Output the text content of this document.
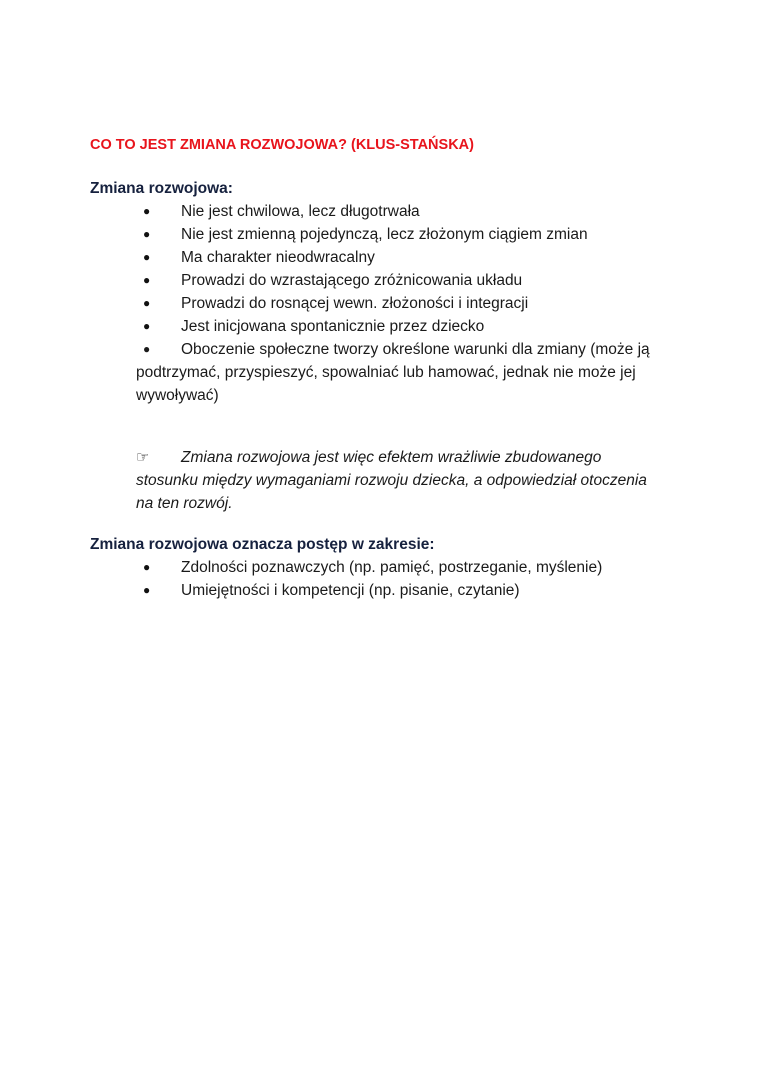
CO TO JEST ZMIANA ROZWOJOWA? (KLUS-STAŃSKA)
Zmiana rozwojowa:
● Nie jest chwilowa, lecz długotrwała
● Nie jest zmienną pojedynczą, lecz złożonym ciągiem zmian
● Ma charakter nieodwracalny
● Prowadzi do wzrastającego zróżnicowania układu
● Prowadzi do rosnącej wewn. złożoności i integracji
● Jest inicjowana spontanicznie przez dziecko
● Oboczenie społeczne tworzy określone warunki dla zmiany (może ją podtrzymać, przyspieszyć, spowalniać lub hamować, jednak nie może jej wywoływać)
☞ Zmiana rozwojowa jest więc efektem wrażliwie zbudowanego stosunku między wymaganiami rozwoju dziecka, a odpowiedział otoczenia na ten rozwój.
Zmiana rozwojowa oznacza postęp w zakresie:
● Zdolności poznawczych (np. pamięć, postrzeganie, myślenie)
● Umiejętności i kompetencji (np. pisanie, czytanie)
